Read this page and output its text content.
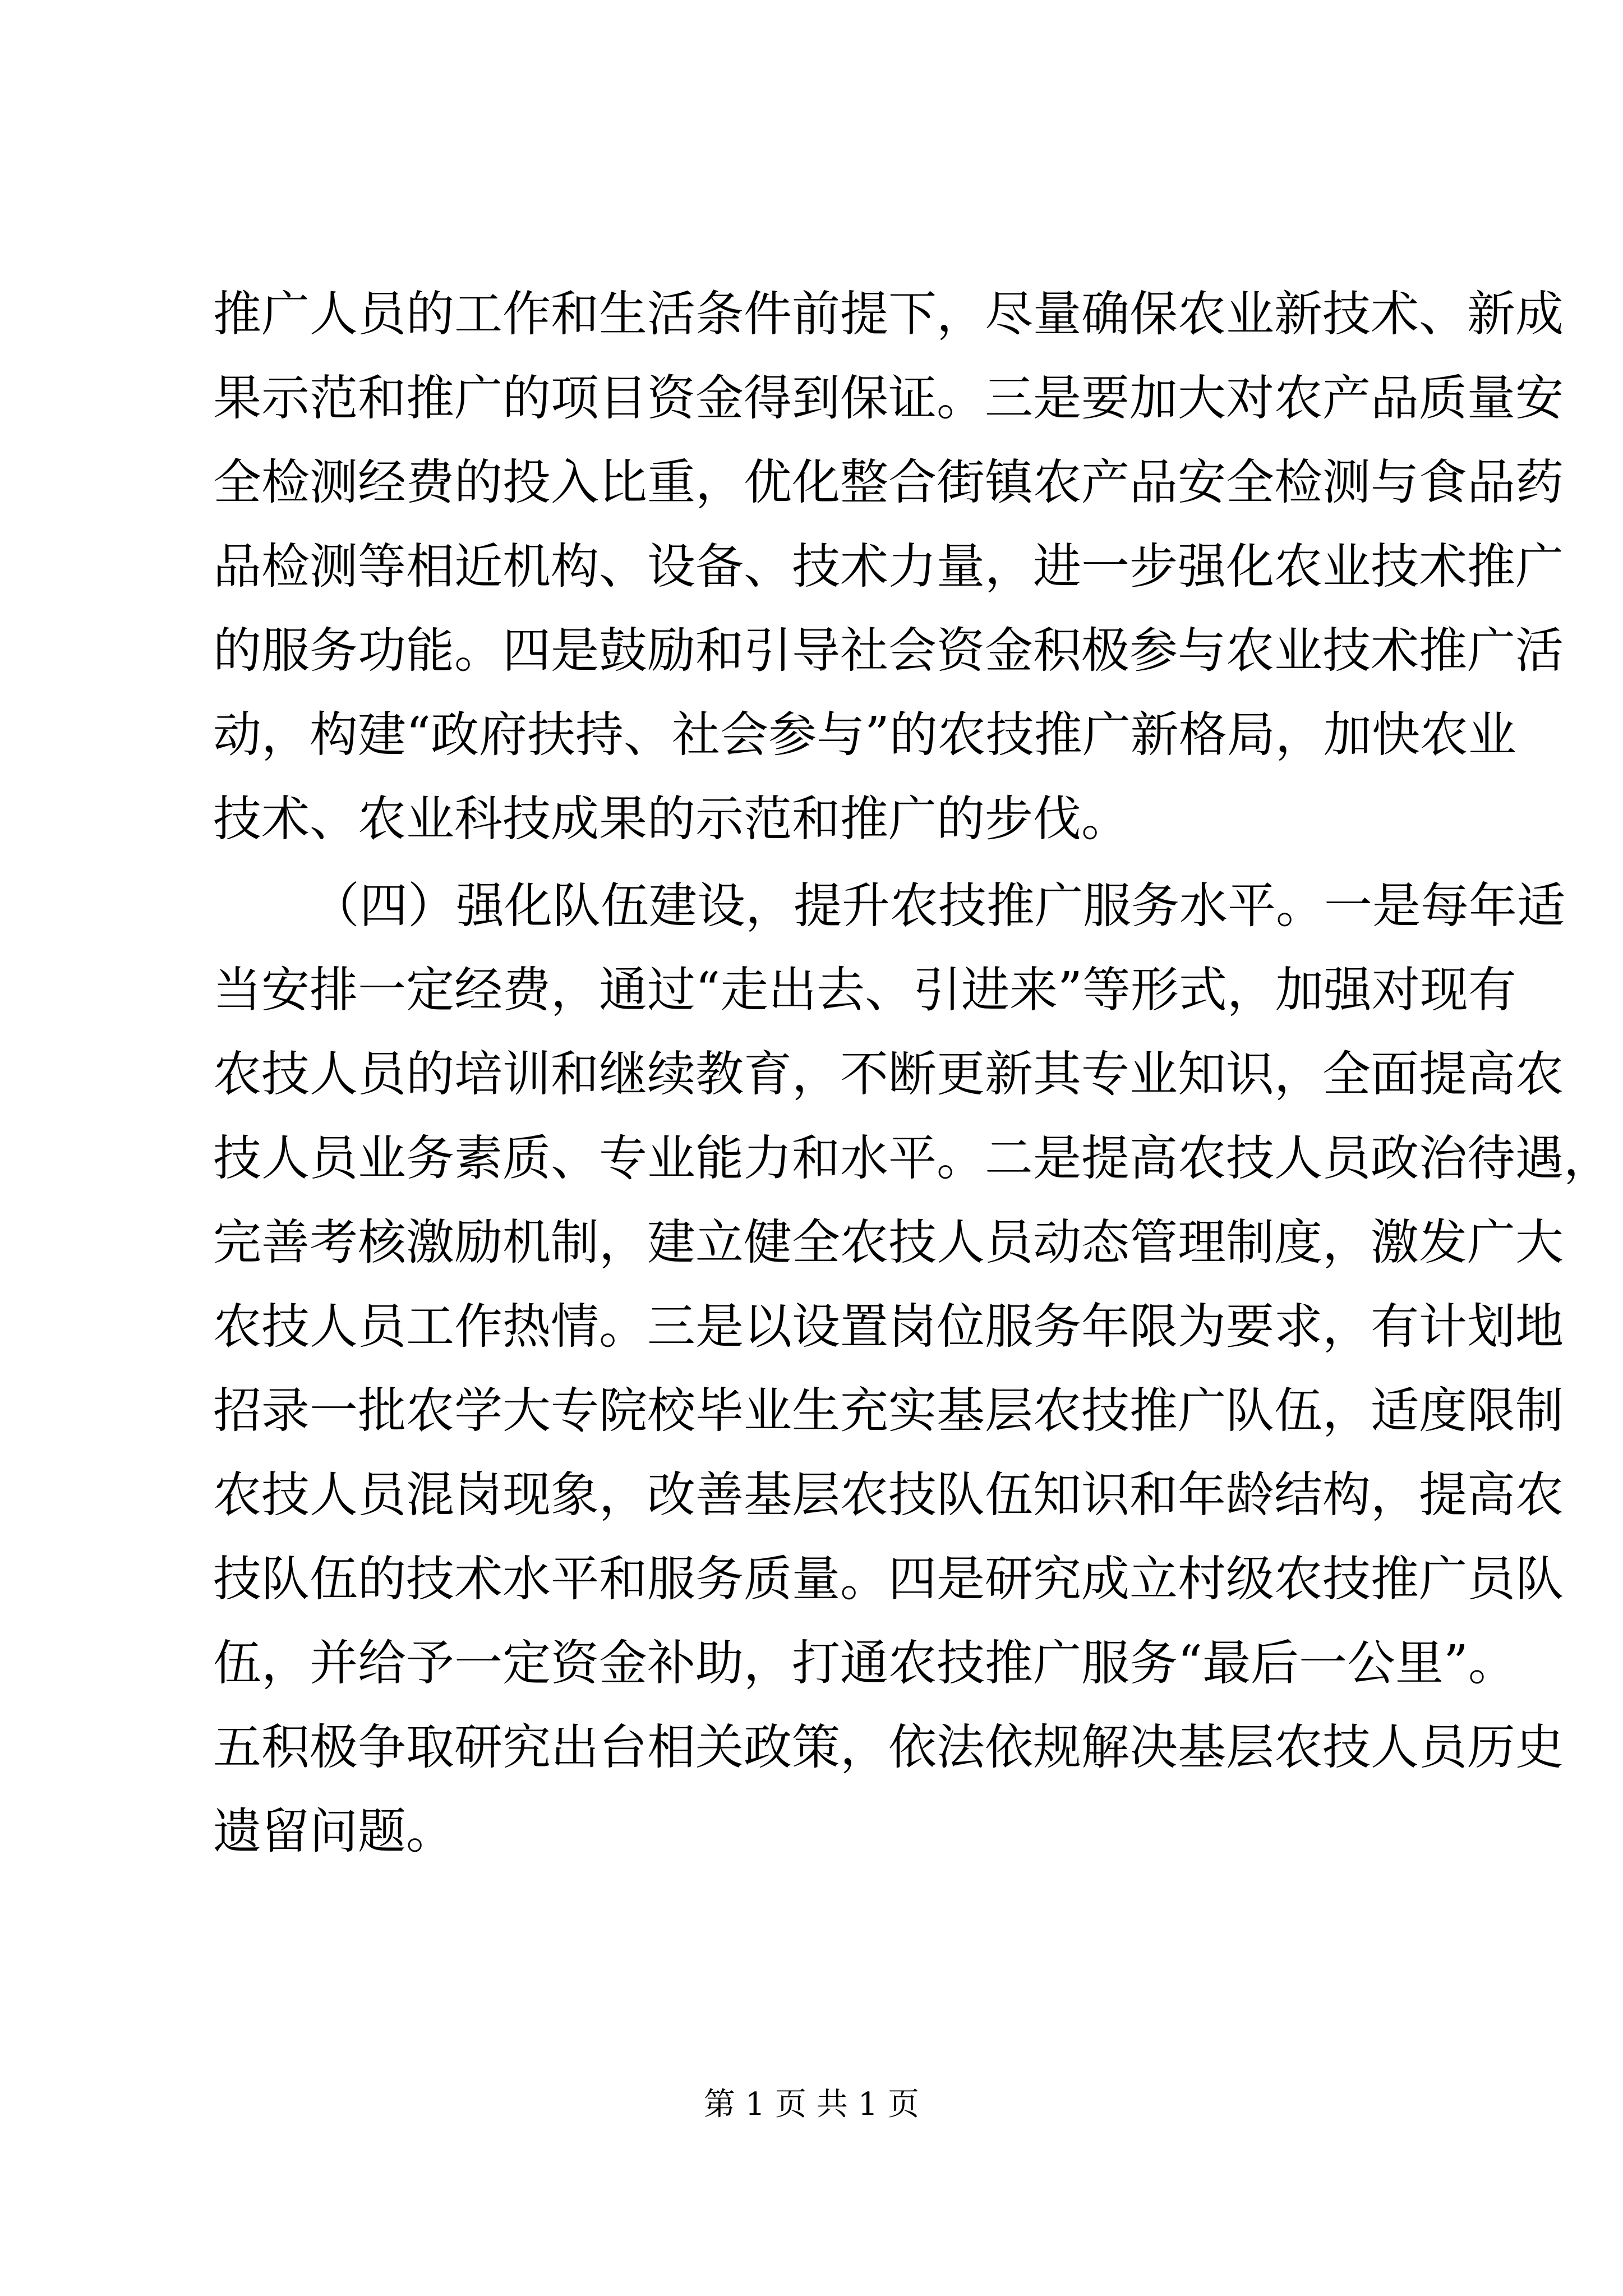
推广人员的工作和生活条件前提下，尽量确保农业新技术、新成
果示范和推广的项目资金得到保证。三是要加大对农产品质量安
全检测经费的投入比重，优化整合街镇农产品安全检测与食品药
品检测等相近机构、设备、技术力量，进一步强化农业技术推广
的服务功能。四是鼓励和引导社会资金积极参与农业技术推广活
动，构建“政府扶持、社会参与”的农技推广新格局，加快农业
技术、农业科技成果的示范和推广的步伐。
（四）强化队伍建设，提升农技推广服务水平。一是每年适
当安排一定经费，通过“走出去、引进来”等形式，加强对现有
农技人员的培训和继续教育，不断更新其专业知识，全面提高农
技人员业务素质、专业能力和水平。二是提高农技人员政治待遇，
完善考核激励机制，建立健全农技人员动态管理制度，激发广大
农技人员工作热情。三是以设置岗位服务年限为要求，有计划地
招录一批农学大专院校毕业生充实基层农技推广队伍，适度限制
农技人员混岗现象，改善基层农技队伍知识和年龄结构，提高农
技队伍的技术水平和服务质量。四是研究成立村级农技推广员队
伍，并给予一定资金补助，打通农技推广服务“最后一公里”。
五积极争取研究出台相关政策，依法依规解决基层农技人员历史
遗留问题。
第 1 页 共 1 页
